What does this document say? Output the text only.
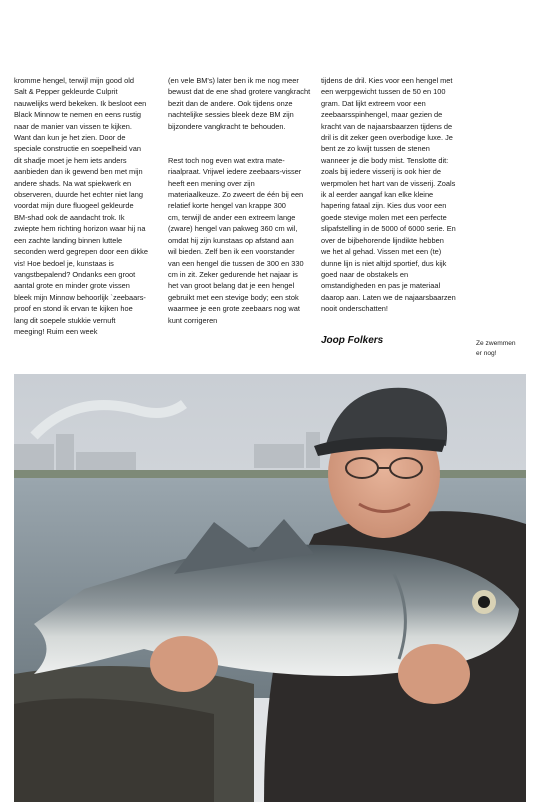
kromme hengel, terwijl mijn good old
Salt & Pepper gekleurde Culprit
nauwelijks werd bekeken. Ik besloot een
Black Minnow te nemen en eens rustig
naar de manier van vissen te kijken.
Want dan kun je het zien. Door de
speciale constructie en soepelheid van
dit shadje moet je hem iets anders
aanbieden dan ik gewend ben met mijn
andere shads. Na wat spiekwerk en
observeren, duurde het echter niet lang
voordat mijn dure fluogeel gekleurde
BM-shad ook de aandacht trok. Ik
zwiepte hem richting horizon waar hij na
een zachte landing binnen luttele
seconden werd gegrepen door een dikke
vis! Hoe bedoel je, kunstaas is
vangstbepalend? Ondanks een groot
aantal grote en minder grote vissen
bleek mijn Minnow behoorlijk `zeebaars-
proof en stond ik ervan te kijken hoe
lang dit soepele stukkie vernuft
meeging! Ruim een week
(en vele BM's) later ben ik me nog meer
bewust dat de ene shad grotere vangkracht
bezit dan de andere. Ook tijdens onze
nachtelijke sessies bleek deze BM zijn
bijzondere vangkracht te behouden.

Rest toch nog even wat extra mate-
riaalpraat. Vrijwel iedere zeebaars-visser
heeft een mening over zijn
materiaalkeuze. Zo zweert de één bij een
relatief korte hengel van krappe 300
cm, terwijl de ander een extreem lange
(zware) hengel van pakweg 360 cm wil,
omdat hij zijn kunstaas op afstand aan
wil bieden. Zelf ben ik een voorstander
van een hengel die tussen de 300 en 330
cm in zit. Zeker gedurende het najaar is
het van groot belang dat je een hengel
gebruikt met een stevige body; een stok
waarmee je een grote zeebaars nog wat
kunt corrigeren
tijdens de dril. Kies voor een hengel met
een werpgewicht tussen de 50 en 100
gram. Dat lijkt extreem voor een
zeebaarsspinhengel, maar gezien de
kracht van de najaarsbaarzen tijdens de
dril is dit zeker geen overbodige luxe. Je
bent ze zo kwijt tussen de stenen
wanneer je die body mist. Tenslotte dit:
zoals bij iedere visserij is ook hier de
werpmolen het hart van de visserij. Zoals
ik al eerder aangaf kan elke kleine
hapering fataal zijn. Kies dus voor een
goede stevige molen met een perfecte
slipafstelling in de 5000 of 6000 serie. En
over de bijbehorende lijndikte hebben
we het al gehad. Vissen met een (te)
dunne lijn is niet altijd sportief, dus kijk
goed naar de obstakels en
omstandigheden en pas je materiaal
daarop aan. Laten we de najaarsbaarzen
nooit onderschatten!
Joop Folkers	Ze zwemmen
er nog!
